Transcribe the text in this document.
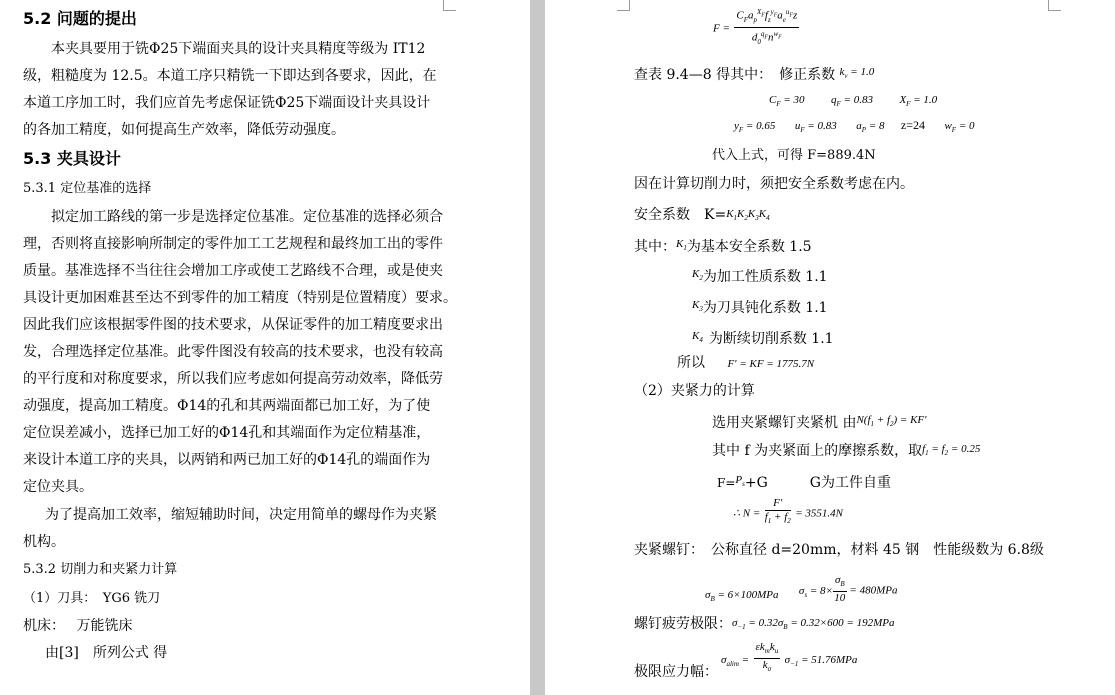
5.2 问题的提出
本夹具要用于铣Φ25下端面夹具的设计夹具精度等级为 IT12
级，粗糙度为 12.5。本道工序只精铣一下即达到各要求，因此，在
本道工序加工时，我们应首先考虑保证铣Φ25下端面设计夹具设计
的各加工精度，如何提高生产效率，降低劳动强度。
5.3 夹具设计
5.3.1 定位基准的选择
拟定加工路线的第一步是选择定位基准。定位基准的选择必须合
理，否则将直接影响所制定的零件加工工艺规程和最终加工出的零件
质量。基准选择不当往往会增加工序或使工艺路线不合理，或是使夹
具设计更加困难甚至达不到零件的加工精度（特别是位置精度）要求。
因此我们应该根据零件图的技术要求，从保证零件的加工精度要求出
发，合理选择定位基准。此零件图没有较高的技术要求，也没有较高
的平行度和对称度要求，所以我们应考虑如何提高劳动效率，降低劳
动强度，提高加工精度。Φ14的孔和其两端面都已加工好，为了使
定位误差减小，选择已加工好的Φ14孔和其端面作为定位精基准，
来设计本道工序的夹具，以两销和两已加工好的Φ14孔的端面作为
定位夹具。
为了提高加工效率，缩短辅助时间，决定用简单的螺母作为夹紧
机构。
5.3.2 切削力和夹紧力计算
（1）刀具：　YG6 铣刀
机床：　 万能铣床
由[3]　所列公式 得
$F = \frac{C_Fa_p^{X_F}f_z^{y_F}a_e^{u_F}z}{d_0^{q_F}n^{w_F}}$
查表 9.4—8 得其中：　修正系数 $^{k_v = 1.0}$
$C_F = 30$ $q_F = 0.83$ $X_F = 1.0$
$y_F = 0.65$ $u_F = 0.83$ $a_P = 8$ z=24 $w_F = 0$
代入上式，可得 F=889.4N
因在计算切削力时，须把安全系数考虑在内。
安全系数　$K=K_1K_2K_3K_4$
其中：$^{K_1}$为基本安全系数 1.5
$^{K_2}$为加工性质系数 1.1
$^{K_3}$为刀具钝化系数 1.1
$^{K_4}$ 为断续切削系数 1.1
所以 F′ = KF = 1775.7N
（2）夹紧力的计算
选用夹紧螺钉夹紧机 由$^{N(f_1 + f_2) = KF'}$
其中 f 为夹紧面上的摩擦系数，取$^{f_1 = f_2 = 0.25}$
F=$^{P_s}$+G　　　G为工件自重
∴ $N = \frac{F'}{f_1 + f_2} = 3551.4N$
夹紧螺钉：　公称直径 d=20mm，材料 45 钢　性能级数为 6.8级
$_{\sigma_B = 6\times 100MPa}$ $\sigma_s = 8\times \frac{\sigma_B}{10} = 480MPa$
螺钉疲劳极限：$\sigma_{-1} = 0.32\sigma_B = 0.32\times 600 = 192MPa$
极限应力幅：
$\sigma_{alim} = \frac{\varepsilon k_mk_u}{k_\sigma} \sigma_{-1} = 51.76MPa$
